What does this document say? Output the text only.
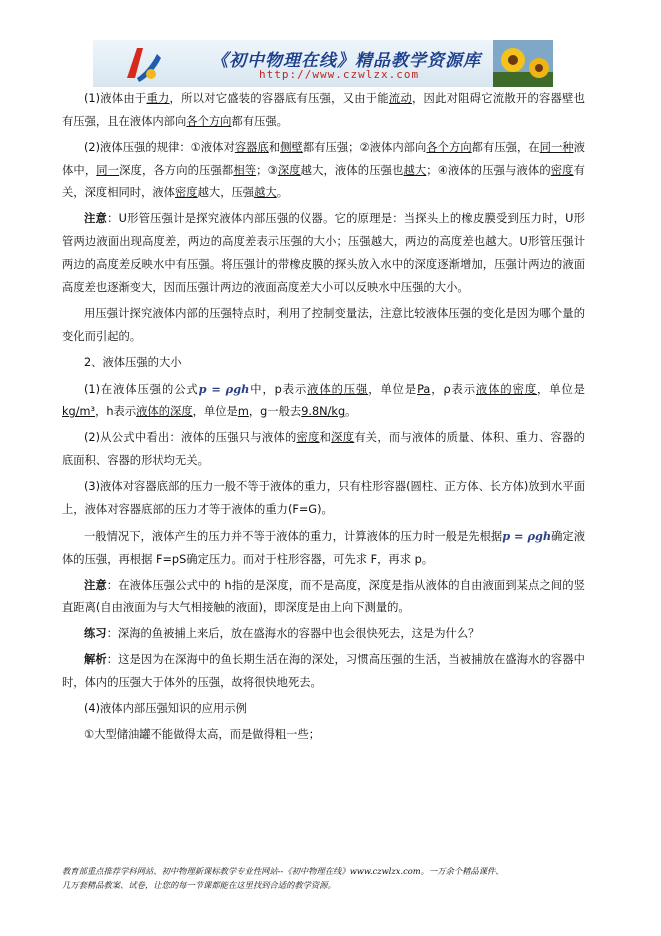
《初中物理在线》精品教学资源库
http://www.czwlzx.com

(1)液体由于重力，所以对它盛装的容器底有压强，又由于能流动，因此对阻碍它流散开的容器壁也有压强，且在液体内部向各个方向都有压强。

(2)液体压强的规律：①液体对容器底和侧壁都有压强；②液体内部向各个方向都有压强，在同一种液体中，同一深度，各方向的压强都相等；③深度越大，液体的压强也越大；④液体的压强与液体的密度有关，深度相同时，液体密度越大，压强越大。

注意：U形管压强计是探究液体内部压强的仪器。它的原理是：当探头上的橡皮膜受到压力时，U形管两边液面出现高度差，两边的高度差表示压强的大小；压强越大，两边的高度差也越大。U形管压强计两边的高度差反映水中有压强。将压强计的带橡皮膜的探头放入水中的深度逐渐增加，压强计两边的液面高度差也逐渐变大，因而压强计两边的液面高度差大小可以反映水中压强的大小。

用压强计探究液体内部的压强特点时，利用了控制变量法，注意比较液体压强的变化是因为哪个量的变化而引起的。

2、液体压强的大小

(1)在液体压强的公式p = ρgh中，p表示液体的压强，单位是Pa，ρ表示液体的密度，单位是kg/m³，h表示液体的深度，单位是m，g一般去9.8N/kg。

(2)从公式中看出：液体的压强只与液体的密度和深度有关，而与液体的质量、体积、重力、容器的底面积、容器的形状均无关。

(3)液体对容器底部的压力一般不等于液体的重力，只有柱形容器(圆柱、正方体、长方体)放到水平面上，液体对容器底部的压力才等于液体的重力(F=G)。

一般情况下，液体产生的压力并不等于液体的重力，计算液体的压力时一般是先根据p = ρgh确定液体的压强，再根据 F=pS确定压力。而对于柱形容器，可先求 F，再求 p。

注意：在液体压强公式中的 h指的是深度，而不是高度，深度是指从液体的自由液面到某点之间的竖直距离(自由液面为与大气相接触的液面)，即深度是由上向下测量的。

练习：深海的鱼被捕上来后，放在盛海水的容器中也会很快死去，这是为什么？

解析：这是因为在深海中的鱼长期生活在海的深处，习惯高压强的生活，当被捕放在盛海水的容器中时，体内的压强大于体外的压强，故将很快地死去。

(4)液体内部压强知识的应用示例

①大型储油罐不能做得太高，而是做得粗一些；

教育部重点推荐学科网站、初中物理新课标教学专业性网站--《初中物理在线》www.czwlzx.com。一万余个精品课件、
几万套精品教案、试卷，让您的每一节课都能在这里找到合适的教学资源。
